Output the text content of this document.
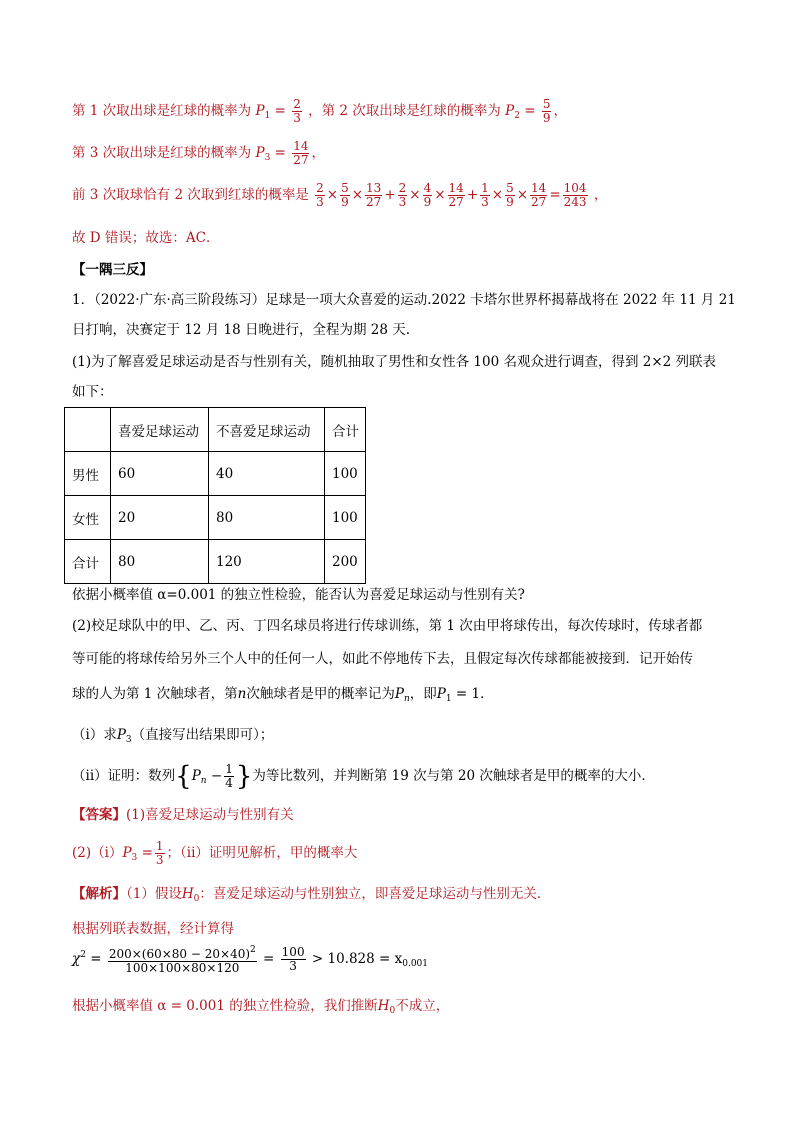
第 1 次取出球是红球的概率为 $P_1 = \frac{2}{3}$ ，第 2 次取出球是红球的概率为 $P_2 = \frac{5}{9}$ ，
第 3 次取出球是红球的概率为 $P_3 = \frac{14}{27}$ ，
前 3 次取球恰有 2 次取到红球的概率是 $\frac{2}{3} \times \frac{5}{9} \times \frac{13}{27} + \frac{2}{3} \times \frac{4}{9} \times \frac{14}{27} + \frac{1}{3} \times \frac{5}{9} \times \frac{14}{27} = \frac{104}{243}$ ，
故 D 错误；故选：AC．
【一隅三反】
1．（2022·广东·高三阶段练习）足球是一项大众喜爱的运动.2022 卡塔尔世界杯揭幕战将在 2022 年 11 月 21
日打响，决赛定于 12 月 18 日晚进行，全程为期 28 天.
(1)为了解喜爱足球运动是否与性别有关，随机抽取了男性和女性各 100 名观众进行调查，得到 2×2 列联表
如下：
	喜爱足球运动	不喜爱足球运动	合计
男性	60	40	100
女性	20	80	100
合计	80	120	200
依据小概率值 α=0.001 的独立性检验，能否认为喜爱足球运动与性别有关?
(2)校足球队中的甲、乙、丙、丁四名球员将进行传球训练，第 1 次由甲将球传出，每次传球时，传球者都
等可能的将球传给另外三个人中的任何一人，如此不停地传下去，且假定每次传球都能被接到．记开始传
球的人为第 1 次触球者，第n次触球者是甲的概率记为$P_n$，即$P_1 = 1$．
（i）求$P_3$（直接写出结果即可）；
（ii）证明：数列{$P_n - \frac{1}{4}$ }为等比数列，并判断第 19 次与第 20 次触球者是甲的概率的大小．
【答案】(1)喜爱足球运动与性别有关
$(2)(i)P_3 = \frac{1}{3}$ ；（ii）证明见解析，甲的概率大
【解析】（1）假设$H_0$：喜爱足球运动与性别独立，即喜爱足球运动与性别无关．
根据列联表数据，经计算得
$\chi^2 = \frac{200\times(60\times 80 - 20\times 40)^2}{100\times 100\times 80\times 120} = \frac{100}{3} > 10.828 = x_{0.001}$
根据小概率值 α = 0.001 的独立性检验，我们推断$H_0$不成立，
